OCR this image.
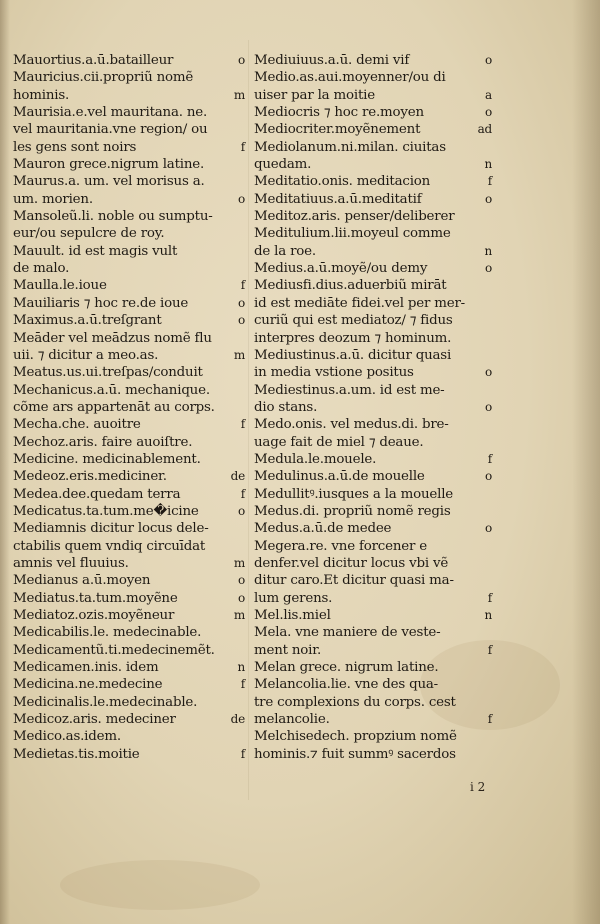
Mauortius.a.ū.batailleur	o
Mauricius.cii.propriũ nomẽ
hominis.	m
Maurisia.e.vel mauritana. ne.
vel mauritania.vne region/ ou
les gens sont noirs	f
Mauron grece.nigrum latine.
Maurus.a. um. vel morisus a.
um. morien.	o
Mansoleũ.li. noble ou sumptu-
eur/ou sepulcre de roy.
Mauult. id est magis vult
de malo.
Maulla.le.ioue	f
Mauiliaris ⁊ hoc re.de ioue	o
Maximus.a.ū.treſgrant	o
Meāder vel meādzus nomẽ flu
uii. ⁊ dicitur a meo.as.	m
Meatus.us.ui.treſpas/conduit
Mechanicus.a.ū. mechanique.
cõme ars appartenāt au corps.
Mecha.che. auoitre	f
Mechoz.aris. faire auoiſtre.
Medicine. medicinablement.
Medeoz.eris.mediciner.	de
Medea.dee.quedam terra	f
Medicatus.ta.tum.me�icine	o
Mediamnis dicitur locus dele-
ctabilis quem vndiq circuīdat
amnis vel fluuius.	m
Medianus a.ū.moyen	o
Mediatus.ta.tum.moyẽne	o
Mediatoz.ozis.moyẽneur	m
Medicabilis.le. medecinable.
Medicamentũ.ti.medecinemẽt.
Medicamen.inis. idem	n
Medicina.ne.medecine	f
Medicinalis.le.medecinable.
Medicoz.aris. medeciner	de
Medico.as.idem.
Medietas.tis.moitie	f
Mediuiuus.a.ū. demi vif	o
Medio.as.aui.moyenner/ou di
uiser par la moitie	a
Mediocris ⁊ hoc re.moyen	o
Mediocriter.moyẽnement	ad
Mediolanum.ni.milan. ciuitas
quedam.	n
Meditatio.onis. meditacion	f
Meditatiuus.a.ū.meditatif	o
Meditoz.aris. penser/deliberer
Meditulium.lii.moyeul comme
de la roe.	n
Medius.a.ū.moyẽ/ou demy	o
Mediusfi.dius.aduerbiũ mirāt
id est mediāte fidei.vel per mer-
curiũ qui est mediatoz/ ⁊ fidus
interpres deozum ⁊ hominum.
Mediustinus.a.ū. dicitur quasi
in media vstione positus	o
Mediestinus.a.um. id est me-
dio stans.	o
Medo.onis. vel medus.di. bre-
uage fait de miel ⁊ deaue.
Medula.le.mouele.	f
Medulinus.a.ū.de mouelle	o
Medullitꝰ.iusques a la mouelle
Medus.di. propriũ nomẽ regis
Medus.a.ū.de medee	o
Megera.re. vne forcener e
denfer.vel dicitur locus vbi vẽ
ditur caro.Et dicitur quasi ma-
lum gerens.	f
Mel.lis.miel	n
Mela. vne maniere de veste-
ment noir.	f
Melan grece. nigrum latine.
Melancolia.lie. vne des qua-
tre complexions du corps. cest
melancolie.	f
Melchisedech. propzium nomẽ
hominis.⁊ fuit summꝰ sacerdos
i 2
